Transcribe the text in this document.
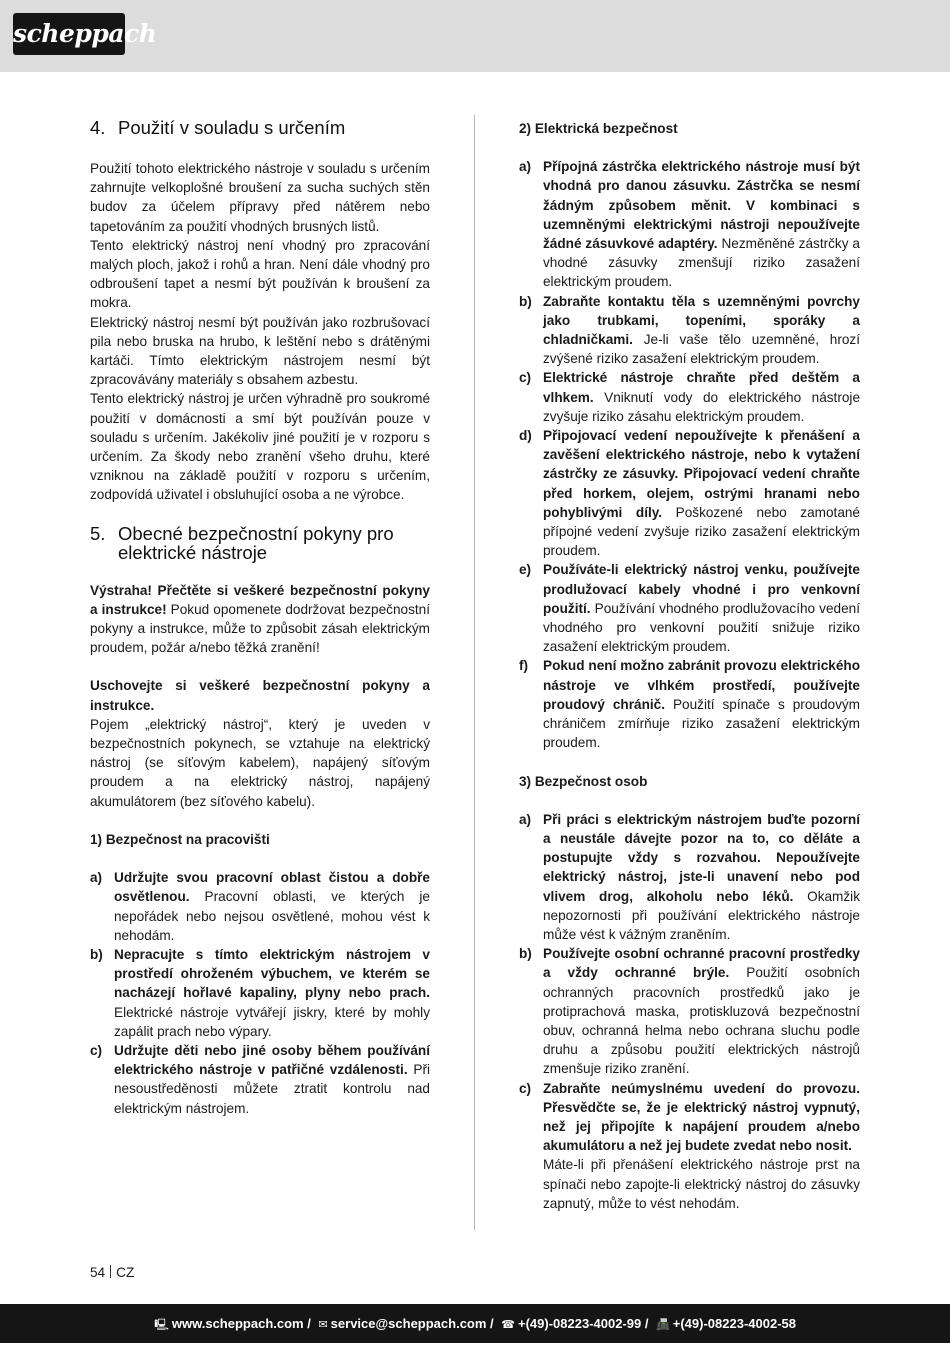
scheppach
4. Použití v souladu s určením

Použití tohoto elektrického nástroje v souladu s určením zahrnujte velkoplošné broušení za sucha suchých stěn budov za účelem přípravy před nátěrem nebo tapetováním za použití vhodných brusných listů.

Tento elektrický nástroj není vhodný pro zpracování malých ploch, jakož i rohů a hran. Není dále vhodný pro odbroušení tapet a nesmí být používán k broušení za mokra.

Elektrický nástroj nesmí být používán jako rozbrušovací pila nebo bruska na hrubo, k leštění nebo s drátěnými kartáči. Tímto elektrickým nástrojem nesmí být zpracovávány materiály s obsahem azbestu.

Tento elektrický nástroj je určen výhradně pro soukromé použití v domácnosti a smí být používán pouze v souladu s určením. Jakékoliv jiné použití je v rozporu s určením. Za škody nebo zranění všeho druhu, které vzniknou na základě použití v rozporu s určením, zodpovídá uživatel i obsluhující osoba a ne výrobce.

5. Obecné bezpečnostní pokyny pro elektrické nástroje

Výstraha! Přečtěte si veškeré bezpečnostní pokyny a instrukce! Pokud opomenete dodržovat bezpečnostní pokyny a instrukce, může to způsobit zásah elektrickým proudem, požár a/nebo těžká zranění!

Uschovejte si veškeré bezpečnostní pokyny a instrukce.

Pojem „elektrický nástroj“, který je uveden v bezpečnostních pokynech, se vztahuje na elektrický nástroj (se síťovým kabelem), napájený síťovým proudem a na elektrický nástroj, napájený akumulátorem (bez síťového kabelu).

1) Bezpečnost na pracovišti

a) Udržujte svou pracovní oblast čistou a dobře osvětlenou. Pracovní oblasti, ve kterých je nepořádek nebo nejsou osvětlené, mohou vést k nehodám.
b) Nepracujte s tímto elektrickým nástrojem v prostředí ohroženém výbuchem, ve kterém se nacházejí hořlavé kapaliny, plyny nebo prach. Elektrické nástroje vytvářejí jiskry, které by mohly zapálit prach nebo výpary.
c) Udržujte děti nebo jiné osoby během používání elektrického nástroje v patřičné vzdálenosti. Při nesoustředěnosti můžete ztratit kontrolu nad elektrickým nástrojem.

2) Elektrická bezpečnost

a) Přípojná zástrčka elektrického nástroje musí být vhodná pro danou zásuvku. Zástrčka se nesmí žádným způsobem měnit. V kombinaci s uzemněnými elektrickými nástroji nepoužívejte žádné zásuvkové adaptéry. Nezměněné zástrčky a vhodné zásuvky zmenšují riziko zasažení elektrickým proudem.
b) Zabraňte kontaktu těla s uzemněnými povrchy jako trubkami, topeními, sporáky a chladničkami. Je-li vaše tělo uzemněné, hrozí zvýšené riziko zasažení elektrickým proudem.
c) Elektrické nástroje chraňte před deštěm a vlhkem. Vniknutí vody do elektrického nástroje zvyšuje riziko zásahu elektrickým proudem.
d) Připojovací vedení nepoužívejte k přenášení a zavěšení elektrického nástroje, nebo k vytažení zástrčky ze zásuvky. Připojovací vedení chraňte před horkem, olejem, ostrými hranami nebo pohyblivými díly. Poškozené nebo zamotané přípojné vedení zvyšuje riziko zasažení elektrickým proudem.
e) Používáte-li elektrický nástroj venku, používejte prodlužovací kabely vhodné i pro venkovní použití. Používání vhodného prodlužovacího vedení vhodného pro venkovní použití snižuje riziko zasažení elektrickým proudem.
f)	Pokud není možno zabránit provozu elektrického nástroje ve vlhkém prostředí, používejte proudový chránič. Použití spínače s proudovým chráničem zmírňuje riziko zasažení elektrickým proudem.

3) Bezpečnost osob

a) Při práci s elektrickým nástrojem buďte pozorní a neustále dávejte pozor na to, co děláte a postupujte vždy s rozvahou. Nepoužívejte elektrický nástroj, jste-li unavení nebo pod vlivem drog, alkoholu nebo léků. Okamžik nepozornosti při používání elektrického nástroje může vést k vážným zraněním.
b) Používejte osobní ochranné pracovní prostředky a vždy ochranné brýle. Použití osobních ochranných pracovních prostředků jako je protiprachová maska, protiskluzová bezpečnostní obuv, ochranná helma nebo ochrana sluchu podle druhu a způsobu použití elektrických nástrojů zmenšuje riziko zranění.
c) Zabraňte neúmyslnému uvedení do provozu. Přesvědčte se, že je elektrický nástroj vypnutý, než jej připojíte k napájení proudem a/nebo akumulátoru a než jej budete zvedat nebo nosit.
Máte-li při přenášení elektrického nástroje prst na spínači nebo zapojte-li elektrický nástroj do zásuvky zapnutý, může to vést nehodám.
54 CZ
🖳 www.scheppach.com / ✉ service@scheppach.com / ☎ +(49)-08223-4002-99 / 📠 +(49)-08223-4002-58
